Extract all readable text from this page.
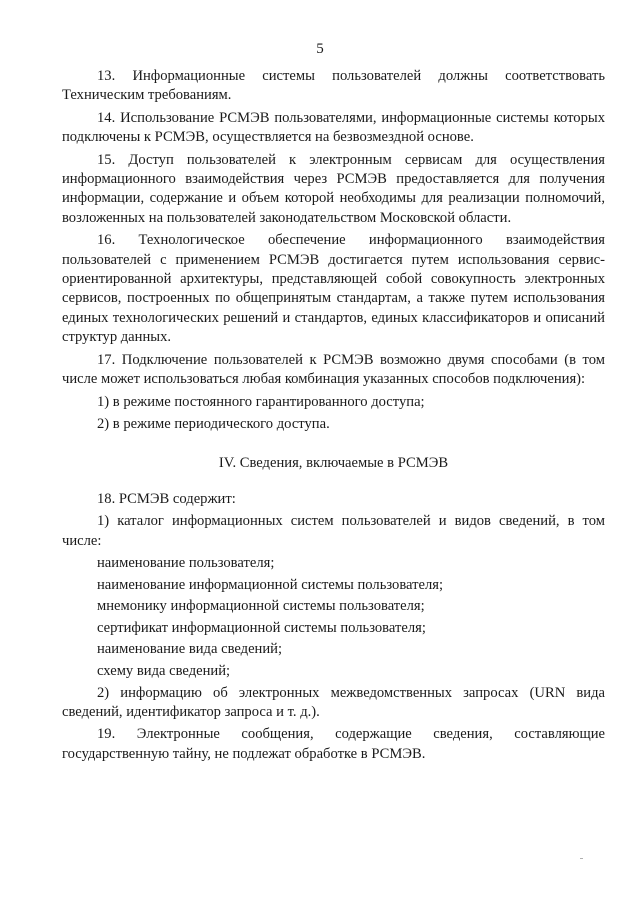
5

13. Информационные системы пользователей должны соответствовать Техническим требованиям.

14. Использование РСМЭВ пользователями, информационные системы которых подключены к РСМЭВ, осуществляется на безвозмездной основе.

15. Доступ пользователей к электронным сервисам для осуществления информационного взаимодействия через РСМЭВ предоставляется для получения информации, содержание и объем которой необходимы для реализации полномочий, возложенных на пользователей законодательством Московской области.

16. Технологическое обеспечение информационного взаимодействия пользователей с применением РСМЭВ достигается путем использования сервис-ориентированной архитектуры, представляющей собой совокупность электронных сервисов, построенных по общепринятым стандартам, а также путем использования единых технологических решений и стандартов, единых классификаторов и описаний структур данных.

17. Подключение пользователей к РСМЭВ возможно двумя способами (в том числе может использоваться любая комбинация указанных способов подключения):

1) в режиме постоянного гарантированного доступа;

2) в режиме периодического доступа.

IV. Сведения, включаемые в РСМЭВ

18. РСМЭВ содержит:

1) каталог информационных систем пользователей и видов сведений, в том числе:

наименование пользователя;

наименование информационной системы пользователя;

мнемонику информационной системы пользователя;

сертификат информационной системы пользователя;

наименование вида сведений;

схему вида сведений;

2) информацию об электронных межведомственных запросах (URN вида сведений, идентификатор запроса и т. д.).

19. Электронные сообщения, содержащие сведения, составляющие государственную тайну, не подлежат обработке в РСМЭВ.
